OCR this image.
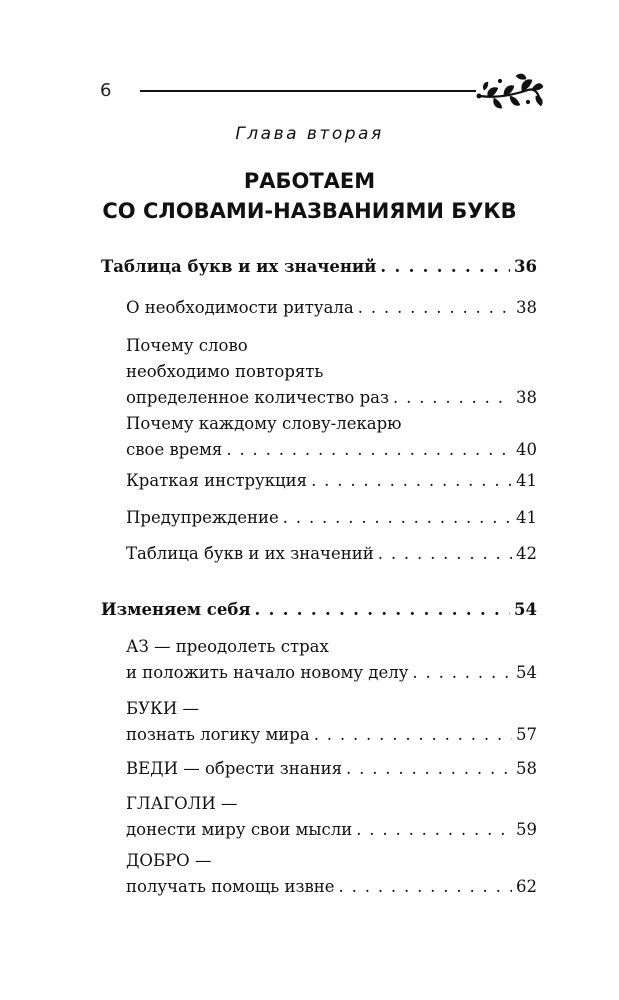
6
Глава вторая
РАБОТАЕМ
СО СЛОВАМИ-НАЗВАНИЯМИ БУКВ
Таблица букв и их значений . . .	36
О необходимости ритуала . . .	38
Почему слово
необходимо повторять
определенное количество раз . . .	38
Почему каждому слову-лекарю
свое время . . .	40
Краткая инструкция . . .	41
Предупреждение . . .	41
Таблица букв и их значений . . .	42
Изменяем себя . . .	54
АЗ — преодолеть страх
и положить начало новому делу . . .	54
БУКИ —
познать логику мира . . .	57
ВЕДИ — обрести знания . . .	58
ГЛАГОЛИ —
донести миру свои мысли . . .	59
ДОБРО —
получать помощь извне . . .	62
